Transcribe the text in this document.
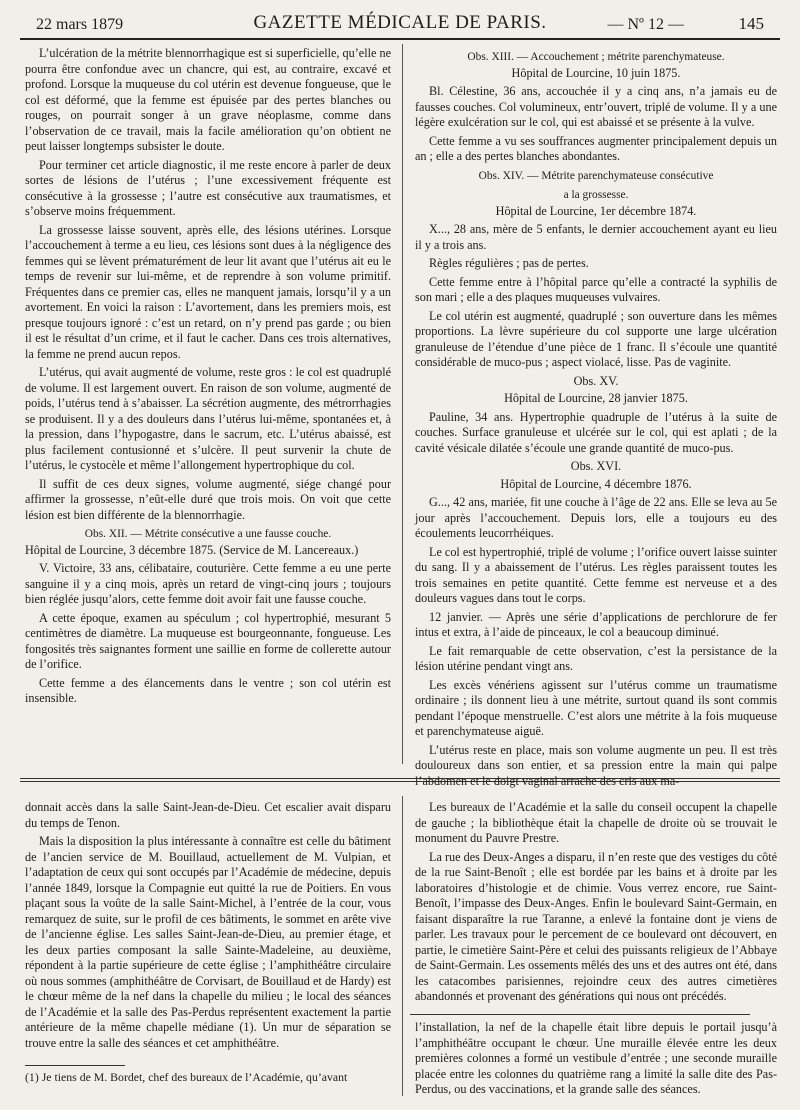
22 mars 1879	GAZETTE MÉDICALE DE PARIS.	— Nº 12 —	145

L’ulcération de la métrite blennorrhagique est si superficielle, qu’elle ne pourra être confondue avec un chancre, qui est, au contraire, excavé et profond. Lorsque la muqueuse du col utérin est devenue fongueuse, que le col est déformé, que la femme est épuisée par des pertes blanches ou rouges, on pourrait songer à un grave néoplasme, comme dans l’observation de ce travail, mais la facile amélioration qu’on obtient ne peut laisser longtemps subsister le doute.

Pour terminer cet article diagnostic, il me reste encore à parler de deux sortes de lésions de l’utérus ; l’une excessivement fréquente est consécutive à la grossesse ; l’autre est consécutive aux traumatismes, et s’observe moins fréquemment.

La grossesse laisse souvent, après elle, des lésions utérines. Lorsque l’accouchement à terme a eu lieu, ces lésions sont dues à la négligence des femmes qui se lèvent prématurément de leur lit avant que l’utérus ait eu le temps de revenir sur lui-même, et de reprendre à son volume primitif. Fréquentes dans ce premier cas, elles ne manquent jamais, lorsqu’il y a un avortement. En voici la raison : L’avortement, dans les premiers mois, est presque toujours ignoré : c’est un retard, on n’y prend pas garde ; ou bien il est le résultat d’un crime, et il faut le cacher. Dans ces trois alternatives, la femme ne prend aucun repos.

L’utérus, qui avait augmenté de volume, reste gros : le col est quadruplé de volume. Il est largement ouvert. En raison de son volume, augmenté de poids, l’utérus tend à s’abaisser. La sécrétion augmente, des métrorrhagies se produisent. Il y a des douleurs dans l’utérus lui-même, spontanées et, à la pression, dans l’hypogastre, dans le sacrum, etc. L’utérus abaissé, est plus facilement contusionné et s’ulcère. Il peut survenir la chute de l’utérus, le cystocèle et même l’allongement hypertrophique du col.

Il suffit de ces deux signes, volume augmenté, siége changé pour affirmer la grossesse, n’eût-elle duré que trois mois. On voit que cette lésion est bien différente de la blennorrhagie.

Obs. XII. — Métrite consécutive a une fausse couche.

Hôpital de Lourcine, 3 décembre 1875. (Service de M. Lancereaux.)

V. Victoire, 33 ans, célibataire, couturière. Cette femme a eu une perte sanguine il y a cinq mois, après un retard de vingt-cinq jours ; toujours bien réglée jusqu’alors, cette femme doit avoir fait une fausse couche.

A cette époque, examen au spéculum ; col hypertrophié, mesurant 5 centimètres de diamètre. La muqueuse est bourgeonnante, fongueuse. Les fongosités très saignantes forment une saillie en forme de collerette autour de l’orifice.

Cette femme a des élancements dans le ventre ; son col utérin est insensible.

Obs. XIII. — Accouchement ; métrite parenchymateuse.

Hôpital de Lourcine, 10 juin 1875.

Bl. Célestine, 36 ans, accouchée il y a cinq ans, n’a jamais eu de fausses couches. Col volumineux, entr’ouvert, triplé de volume. Il y a une légère exulcération sur le col, qui est abaissé et se présente à la vulve.

Cette femme a vu ses souffrances augmenter principalement depuis un an ; elle a des pertes blanches abondantes.

Obs. XIV. — Métrite parenchymateuse consécutive

a la grossesse.

Hôpital de Lourcine, 1er décembre 1874.

X..., 28 ans, mère de 5 enfants, le dernier accouchement ayant eu lieu il y a trois ans.

Règles régulières ; pas de pertes.

Cette femme entre à l’hôpital parce qu’elle a contracté la syphilis de son mari ; elle a des plaques muqueuses vulvaires.

Le col utérin est augmenté, quadruplé ; son ouverture dans les mêmes proportions. La lèvre supérieure du col supporte une large ulcération granuleuse de l’étendue d’une pièce de 1 franc. Il s’écoule une quantité considérable de muco-pus ; aspect violacé, lisse. Pas de vaginite.

Obs. XV.

Hôpital de Lourcine, 28 janvier 1875.

Pauline, 34 ans. Hypertrophie quadruple de l’utérus à la suite de couches. Surface granuleuse et ulcérée sur le col, qui est aplati ; de la cavité vésicale dilatée s’écoule une grande quantité de muco-pus.

Obs. XVI.

Hôpital de Lourcine, 4 décembre 1876.

G..., 42 ans, mariée, fit une couche à l’âge de 22 ans. Elle se leva au 5e jour après l’accouchement. Depuis lors, elle a toujours eu des écoulements leucorrhéiques.

Le col est hypertrophié, triplé de volume ; l’orifice ouvert laisse suinter du sang. Il y a abaissement de l’utérus. Les règles paraissent toutes les trois semaines en petite quantité. Cette femme est nerveuse et a des douleurs vagues dans tout le corps.

12 janvier. — Après une série d’applications de perchlorure de fer intus et extra, à l’aide de pinceaux, le col a beaucoup diminué.

Le fait remarquable de cette observation, c’est la persistance de la lésion utérine pendant vingt ans.

Les excès vénériens agissent sur l’utérus comme un traumatisme ordinaire ; ils donnent lieu à une métrite, surtout quand ils sont commis pendant l’époque menstruelle. C’est alors une métrite à la fois muqueuse et parenchymateuse aiguë.

L’utérus reste en place, mais son volume augmente un peu. Il est très douloureux dans son entier, et sa pression entre la main qui palpe l’abdomen et le doigt vaginal arrache des cris aux ma-

donnait accès dans la salle Saint-Jean-de-Dieu. Cet escalier avait disparu du temps de Tenon.

Mais la disposition la plus intéressante à connaître est celle du bâtiment de l’ancien service de M. Bouillaud, actuellement de M. Vulpian, et l’adaptation de ceux qui sont occupés par l’Académie de médecine, depuis l’année 1849, lorsque la Compagnie eut quitté la rue de Poitiers. En vous plaçant sous la voûte de la salle Saint-Michel, à l’entrée de la cour, vous remarquez de suite, sur le profil de ces bâtiments, le sommet en arête vive de l’ancienne église. Les salles Saint-Jean-de-Dieu, au premier étage, et les deux parties composant la salle Sainte-Madeleine, au deuxième, répondent à la partie supérieure de cette église ; l’amphithéâtre circulaire où nous sommes (amphithéâtre de Corvisart, de Bouillaud et de Hardy) est le chœur même de la nef dans la chapelle du milieu ; le local des séances de l’Académie et la salle des Pas-Perdus représentent exactement la partie antérieure de la même chapelle médiane (1). Un mur de séparation se trouve entre la salle des séances et cet amphithéâtre.

Les bureaux de l’Académie et la salle du conseil occupent la chapelle de gauche ; la bibliothèque était la chapelle de droite où se trouvait le monument du Pauvre Prestre.

La rue des Deux-Anges a disparu, il n’en reste que des vestiges du côté de la rue Saint-Benoît ; elle est bordée par les bains et à droite par les laboratoires d’histologie et de chimie. Vous verrez encore, rue Saint-Benoît, l’impasse des Deux-Anges. Enfin le boulevard Saint-Germain, en faisant disparaître la rue Taranne, a enlevé la fontaine dont je viens de parler. Les travaux pour le percement de ce boulevard ont découvert, en partie, le cimetière Saint-Père et celui des puissants religieux de l’Abbaye de Saint-Germain. Les ossements mêlés des uns et des autres ont été, dans les catacombes parisiennes, rejoindre ceux des autres cimetières abandonnés et provenant des générations qui nous ont précédés.

l’installation, la nef de la chapelle était libre depuis le portail jusqu’à l’amphithéâtre occupant le chœur. Une muraille élevée entre les deux premières colonnes a formé un vestibule d’entrée ; une seconde muraille placée entre les colonnes du quatrième rang a limité la salle dite des Pas-Perdus, ou des vaccinations, et la grande salle des séances.

(1) Je tiens de M. Bordet, chef des bureaux de l’Académie, qu’avant
